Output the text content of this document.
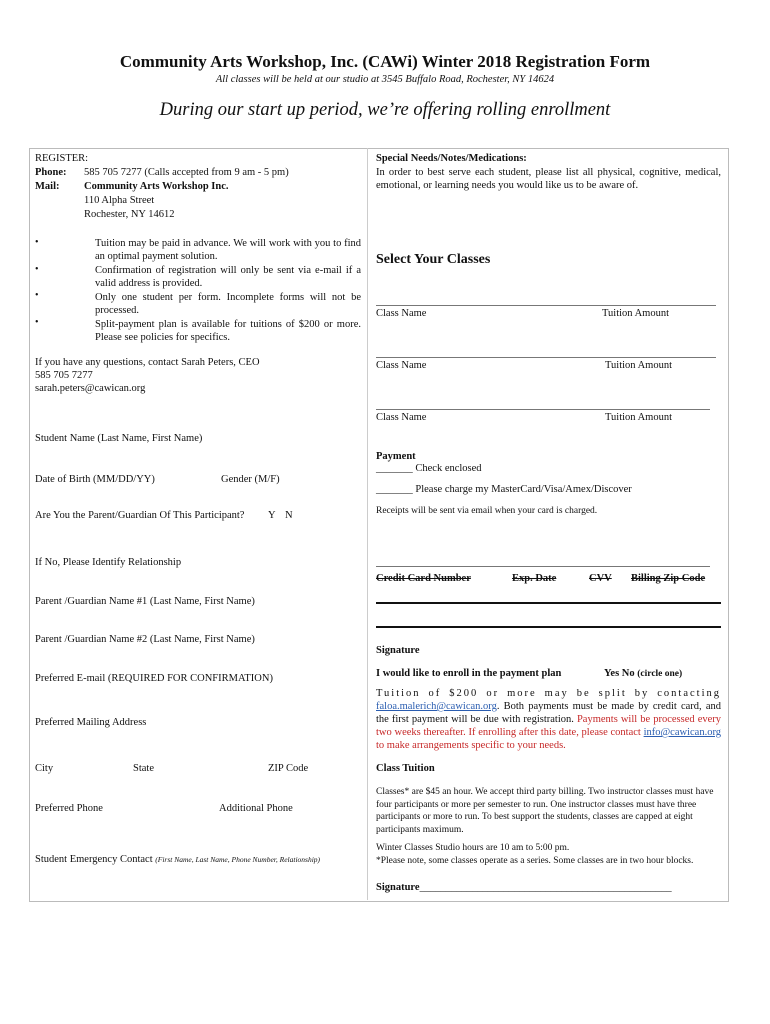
Community Arts Workshop, Inc. (CAWi) Winter 2018 Registration Form
All classes will be held at our studio at 3545 Buffalo Road, Rochester, NY 14624
During our start up period, we’re offering rolling enrollment
REGISTER:
Phone: 585 705 7277 (Calls accepted from 9 am - 5 pm)
Mail: Community Arts Workshop Inc.
110 Alpha Street
Rochester, NY 14612
•	Tuition may be paid in advance. We will work with you to find an optimal payment solution.
•	Confirmation of registration will only be sent via e-mail if a valid address is provided.
•	Only one student per form. Incomplete forms will not be processed.
•	Split-payment plan is available for tuitions of $200 or more. Please see policies for specifics.
If you have any questions, contact Sarah Peters, CEO
585 705 7277
sarah.peters@cawican.org
Student Name (Last Name, First Name)
Date of Birth (MM/DD/YY)	Gender (M/F)
Are You the Parent/Guardian Of This Participant? Y N
If No, Please Identify Relationship
Parent /Guardian Name #1 (Last Name, First Name)
Parent /Guardian Name #2 (Last Name, First Name)
Preferred E-mail (REQUIRED FOR CONFIRMATION)
Preferred Mailing Address
City	State	ZIP Code
Preferred Phone	Additional Phone
Student Emergency Contact (First Name, Last Name, Phone Number, Relationship)
Special Needs/Notes/Medications:
In order to best serve each student, please list all physical, cognitive, medical, emotional, or learning needs you would like us to be aware of.
Select Your Classes
Class Name	Tuition Amount
Class Name	Tuition Amount
Class Name	Tuition Amount
Payment
_______ Check enclosed
_______ Please charge my MasterCard/Visa/Amex/Discover
Receipts will be sent via email when your card is charged.
Credit Card Number	Exp. Date	CVV Billing Zip Code
Signature
I would like to enroll in the payment plan	Yes No (circle one)
Tuition of $200 or more may be split by contacting faloa.malerich@cawican.org. Both payments must be made by credit card, and the first payment will be due with registration. Payments will be processed every two weeks thereafter. If enrolling after this date, please contact info@cawican.org to make arrangements specific to your needs.
Class Tuition
Classes* are $45 an hour. We accept third party billing. Two instructor classes must have four participants or more per semester to run. One instructor classes must have three participants or more to run. To best support the students, classes are capped at eight participants maximum.
Winter Classes Studio hours are 10 am to 5:00 pm.
*Please note, some classes operate as a series. Some classes are in two hour blocks.
Signature________________________________________________
